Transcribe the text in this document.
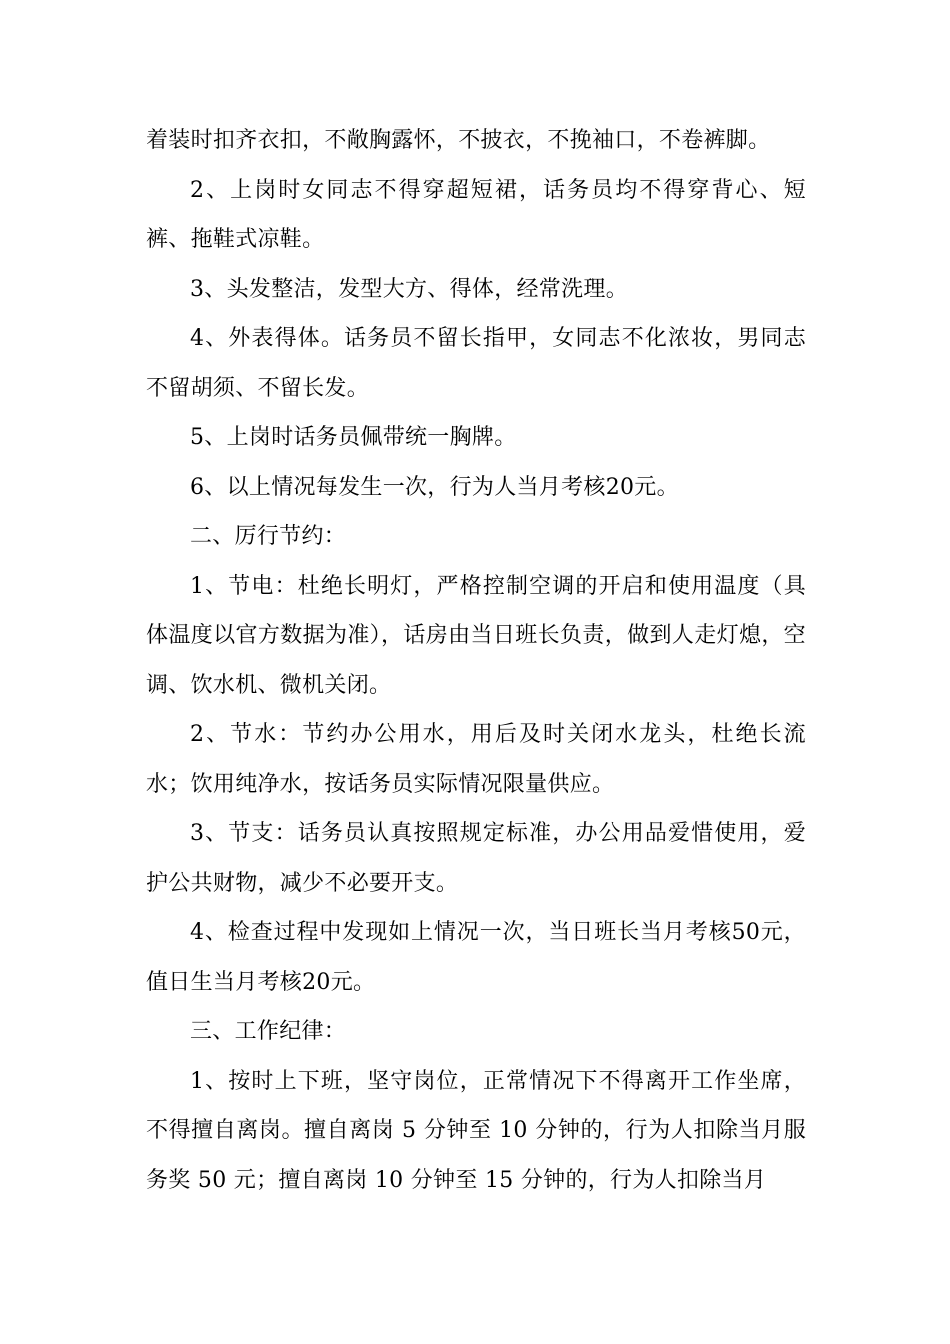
着装时扣齐衣扣，不敞胸露怀，不披衣，不挽袖口，不卷裤脚。

2、上岗时女同志不得穿超短裙，话务员均不得穿背心、短裤、拖鞋式凉鞋。

3、头发整洁，发型大方、得体，经常洗理。

4、外表得体。话务员不留长指甲，女同志不化浓妆，男同志不留胡须、不留长发。

5、上岗时话务员佩带统一胸牌。

6、以上情况每发生一次，行为人当月考核20元。

二、厉行节约：

1、节电：杜绝长明灯，严格控制空调的开启和使用温度（具体温度以官方数据为准），话房由当日班长负责，做到人走灯熄，空调、饮水机、微机关闭。

2、节水：节约办公用水，用后及时关闭水龙头，杜绝长流水；饮用纯净水，按话务员实际情况限量供应。

3、节支：话务员认真按照规定标准，办公用品爱惜使用，爱护公共财物，减少不必要开支。

4、检查过程中发现如上情况一次，当日班长当月考核50元，值日生当月考核20元。

三、工作纪律：

1、按时上下班，坚守岗位，正常情况下不得离开工作坐席，不得擅自离岗。擅自离岗 5 分钟至 10 分钟的，行为人扣除当月服务奖 50 元；擅自离岗 10 分钟至 15 分钟的，行为人扣除当月
